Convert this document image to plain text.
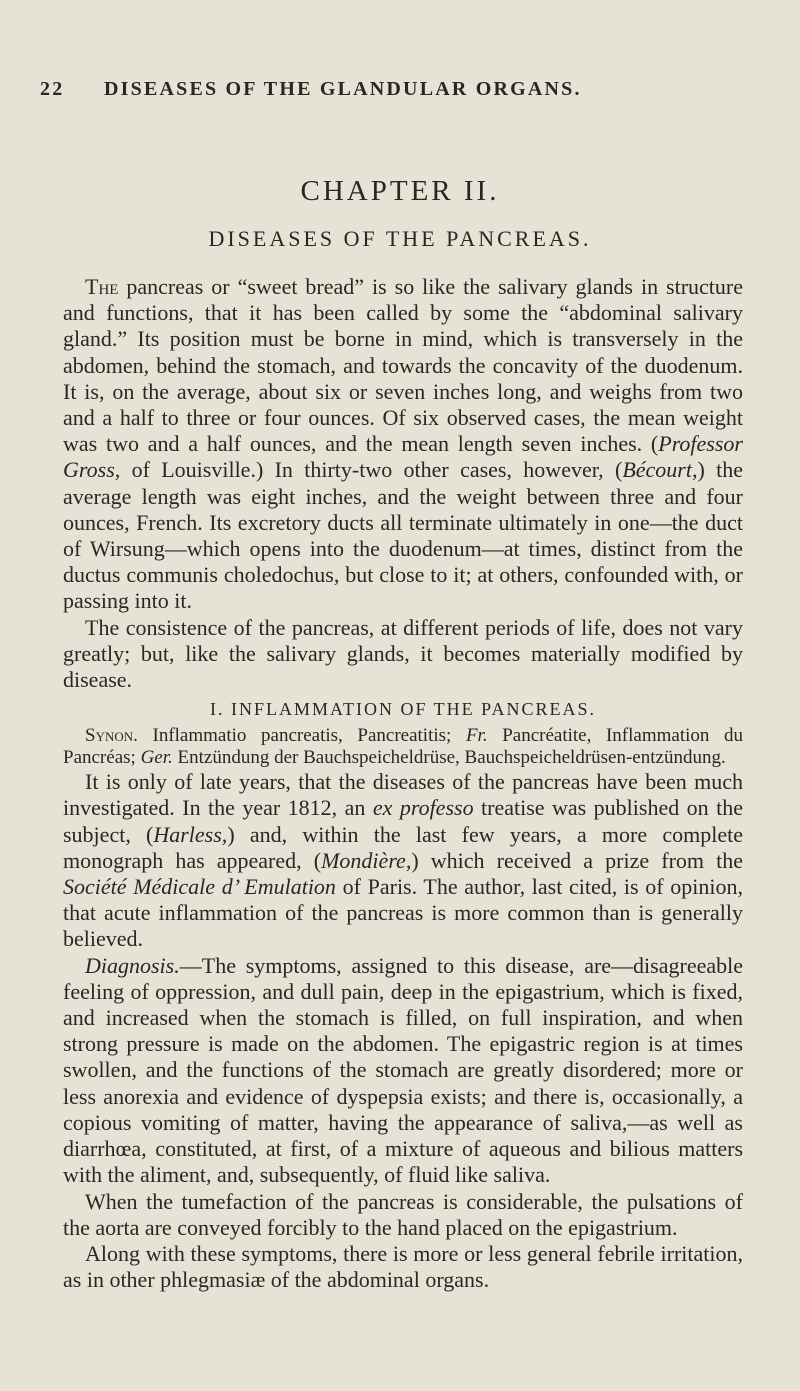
22 DISEASES OF THE GLANDULAR ORGANS.
CHAPTER II.
DISEASES OF THE PANCREAS.

The pancreas or “sweet bread” is so like the salivary glands in structure and functions, that it has been called by some the “abdominal salivary gland.” Its position must be borne in mind, which is transversely in the abdomen, behind the stomach, and towards the concavity of the duodenum. It is, on the average, about six or seven inches long, and weighs from two and a half to three or four ounces. Of six observed cases, the mean weight was two and a half ounces, and the mean length seven inches. (Professor Gross, of Louisville.) In thirty-two other cases, however, (Bécourt,) the average length was eight inches, and the weight between three and four ounces, French. Its excretory ducts all terminate ultimately in one—the duct of Wirsung—which opens into the duodenum—at times, distinct from the ductus communis choledochus, but close to it; at others, confounded with, or passing into it.

The consistence of the pancreas, at different periods of life, does not vary greatly; but, like the salivary glands, it becomes materially modified by disease.

I. INFLAMMATION OF THE PANCREAS.

Synon. Inflammatio pancreatis, Pancreatitis; Fr. Pancréatite, Inflammation du Pancréas; Ger. Entzündung der Bauchspeicheldrüse, Bauchspeicheldrüsen-entzündung.

It is only of late years, that the diseases of the pancreas have been much investigated. In the year 1812, an ex professo treatise was published on the subject, (Harless,) and, within the last few years, a more complete monograph has appeared, (Mondière,) which received a prize from the Société Médicale d’ Emulation of Paris. The author, last cited, is of opinion, that acute inflammation of the pancreas is more common than is generally believed.

Diagnosis.—The symptoms, assigned to this disease, are—disagreeable feeling of oppression, and dull pain, deep in the epigastrium, which is fixed, and increased when the stomach is filled, on full inspiration, and when strong pressure is made on the abdomen. The epigastric region is at times swollen, and the functions of the stomach are greatly disordered; more or less anorexia and evidence of dyspepsia exists; and there is, occasionally, a copious vomiting of matter, having the appearance of saliva,—as well as diarrhœa, constituted, at first, of a mixture of aqueous and bilious matters with the aliment, and, subsequently, of fluid like saliva.

When the tumefaction of the pancreas is considerable, the pulsations of the aorta are conveyed forcibly to the hand placed on the epigastrium.

Along with these symptoms, there is more or less general febrile irritation, as in other phlegmasiæ of the abdominal organs.
